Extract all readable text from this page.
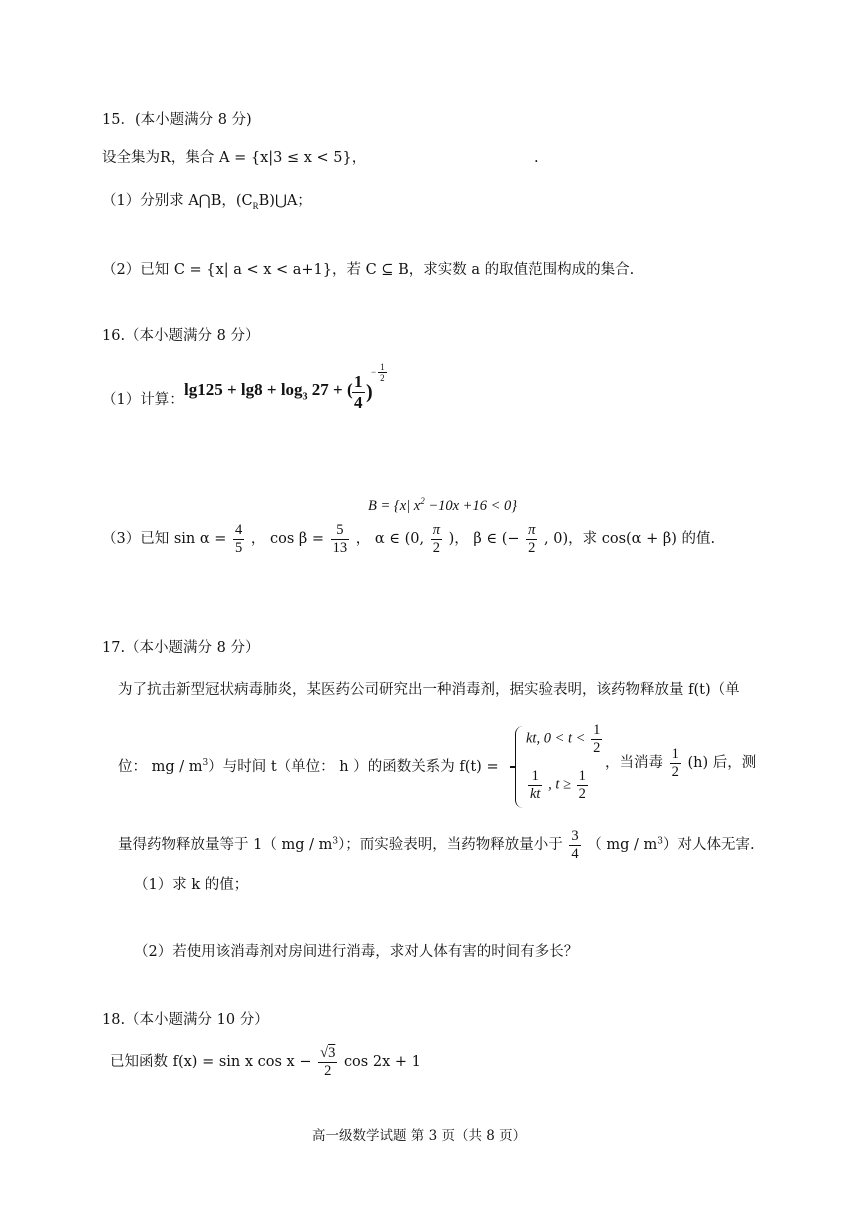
15．(本小题满分 8 分)
设全集为R，集合 A = {x|3 ≤ x < 5}，	.
（1）分别求 A⋂B，$(C_RB)⋃A$；
（2）已知 C = {x| a < x < a+1}，若 C ⊆ B，求实数 a 的取值范围构成的集合.
16.（本小题满分 8 分）
（1）计算：
$\lg 125 + \lg 8 + \log_3 27$ + ( $\frac{1}{4}$ )
− $\frac{1}{2}$
B = {x| $x^2 -10x +16 < 0$}
（3）已知 $\sin \alpha = \frac{4}{5}$ ， $\cos \beta = \frac{5}{13}$ ， α ∈ (0, $\frac{\pi}{2}$ )， β ∈ (− $\frac{\pi}{2}$ , 0)，求 cos(α + β) 的值.
17.（本小题满分 8 分）
为了抗击新型冠状病毒肺炎，某医药公司研究出一种消毒剂，据实验表明，该药物释放量 f(t)（单
位： mg / $m^3$）与时间 t（单位： h ）的函数关系为 f(t) =
kt, $0 < t < \frac{1}{2}$
$\frac{1}{kt}$ , $t \ge \frac{1}{2}$
，当消毒 $\frac{1}{2} (h)$ 后，测
量得药物释放量等于 1（ mg / $m^3$）；而实验表明，当药物释放量小于 $\frac{3}{4}$ （ mg / $m^3$）对人体无害.
（1）求 k 的值；
（2）若使用该消毒剂对房间进行消毒，求对人体有害的时间有多长？
18.（本小题满分 10 分）
已知函数 f(x) = sin x $\cos x - \frac{√3}{2}$ cos 2x + 1
高一级数学试题 第 3 页（共 8 页）
